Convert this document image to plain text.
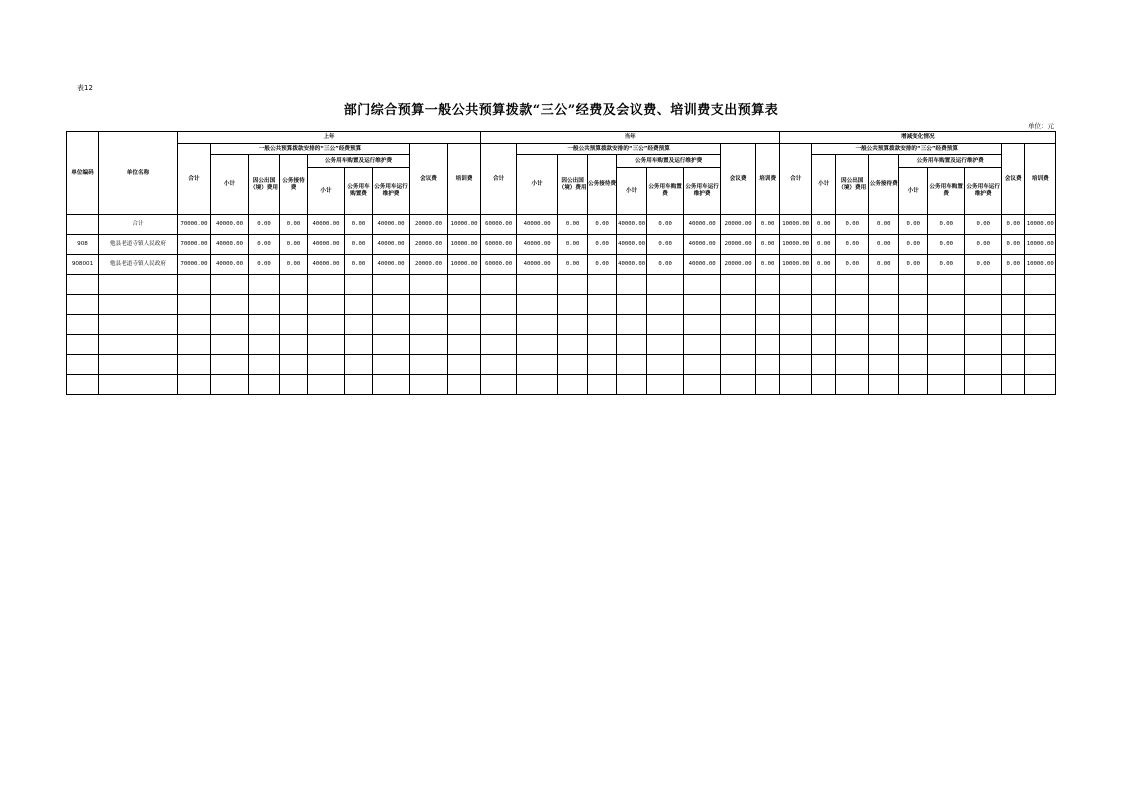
表12
部门综合预算一般公共预算拨款“三公”经费及会议费、培训费支出预算表
单位：元
单位编码	单位名称	上年									当年									增减变化情况								
		合计	一般公共预算拨款安排的“三公”经费预算						会议费	培训费	合计	一般公共预算拨款安排的“三公”经费预算						会议费	培训费	合计	一般公共预算拨款安排的“三公”经费预算						会议费	培训费
			小计	因公出国（境）费用	公务接待费	公务用车购置及运行维护费						小计	因公出国（境）费用	公务接待费	公务用车购置及运行维护费						小计	因公出国（境）费用	公务接待费	公务用车购置及运行维护费				
						小计	公务用车购置费	公务用车运行维护费							小计	公务用车购置费	公务用车运行维护费							小计	公务用车购置费	公务用车运行维护费		
	合计	70000.00	40000.00	0.00	0.00	40000.00	0.00	40000.00	20000.00	10000.00	60000.00	40000.00	0.00	0.00	40000.00	0.00	40000.00	20000.00	0.00	10000.00	0.00	0.00	0.00	0.00	0.00	0.00	0.00	10000.00
908	勉县老道寺镇人民政府	70000.00	40000.00	0.00	0.00	40000.00	0.00	40000.00	20000.00	10000.00	60000.00	40000.00	0.00	0.00	40000.00	0.00	40000.00	20000.00	0.00	10000.00	0.00	0.00	0.00	0.00	0.00	0.00	0.00	10000.00
908001	勉县老道寺镇人民政府	70000.00	40000.00	0.00	0.00	40000.00	0.00	40000.00	20000.00	10000.00	60000.00	40000.00	0.00	0.00	40000.00	0.00	40000.00	20000.00	0.00	10000.00	0.00	0.00	0.00	0.00	0.00	0.00	0.00	10000.00
